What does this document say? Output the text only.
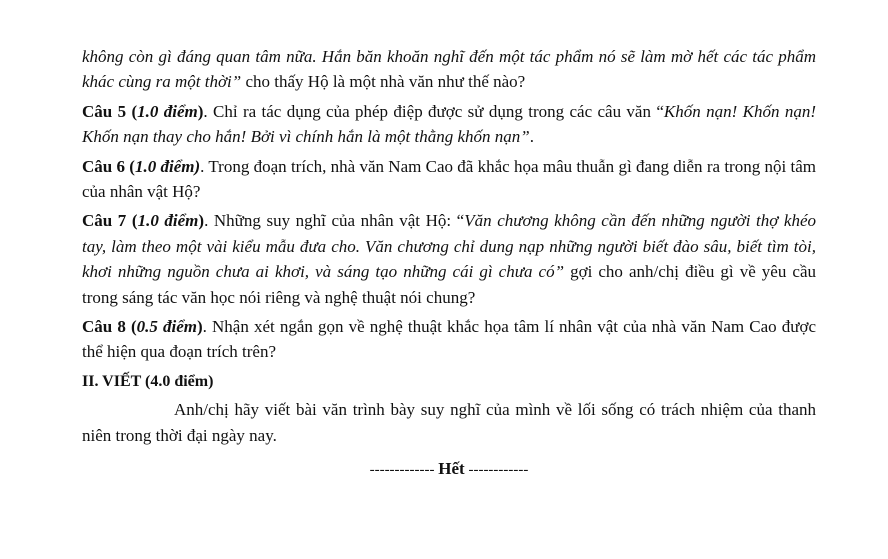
không còn gì đáng quan tâm nữa. Hắn băn khoăn nghĩ đến một tác phẩm nó sẽ làm mờ hết các tác phẩm khác cùng ra một thời” cho thấy Hộ là một nhà văn như thế nào?

Câu 5 (1.0 điểm). Chỉ ra tác dụng của phép điệp được sử dụng trong các câu văn “Khốn nạn! Khốn nạn! Khốn nạn thay cho hắn! Bởi vì chính hắn là một thằng khốn nạn”.

Câu 6 (1.0 điểm). Trong đoạn trích, nhà văn Nam Cao đã khắc họa mâu thuẫn gì đang diễn ra trong nội tâm của nhân vật Hộ?

Câu 7 (1.0 điểm). Những suy nghĩ của nhân vật Hộ: “Văn chương không cần đến những người thợ khéo tay, làm theo một vài kiểu mẫu đưa cho. Văn chương chỉ dung nạp những người biết đào sâu, biết tìm tòi, khơi những nguồn chưa ai khơi, và sáng tạo những cái gì chưa có” gợi cho anh/chị điều gì về yêu cầu trong sáng tác văn học nói riêng và nghệ thuật nói chung?

Câu 8 (0.5 điểm). Nhận xét ngắn gọn về nghệ thuật khắc họa tâm lí nhân vật của nhà văn Nam Cao được thể hiện qua đoạn trích trên?

II. VIẾT (4.0 điểm)

Anh/chị hãy viết bài văn trình bày suy nghĩ của mình về lối sống có trách nhiệm của thanh niên trong thời đại ngày nay.

------------- Hết ------------
